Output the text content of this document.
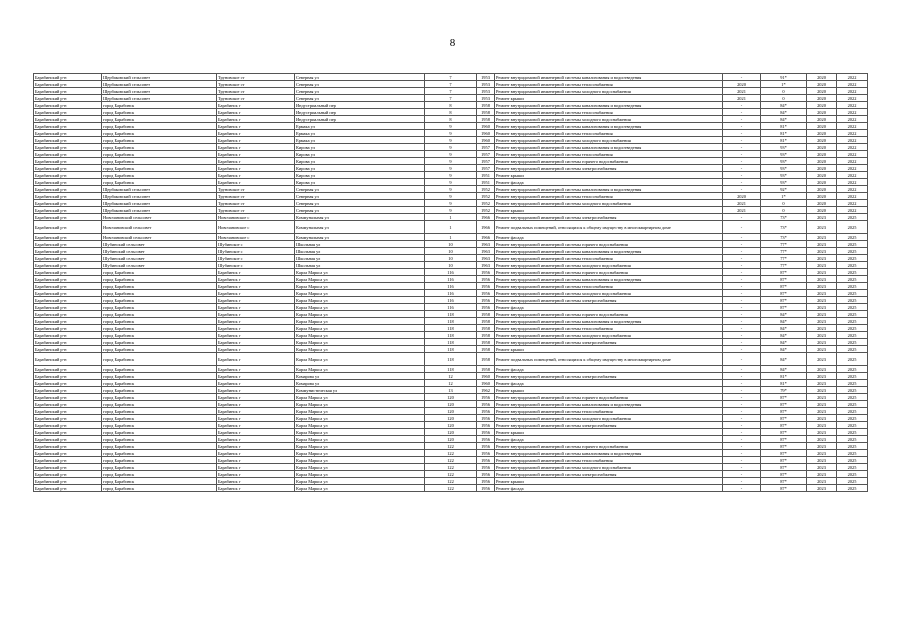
8
Барабинский р-н	Щербаковский сельсовет	Труновское ст	Северная ул	7	1953	Ремонт внутридомовой инженерной системы канализования и водоотведения	-	91*	2020	2022
Барабинский р-н	Щербаковский сельсовет	Труновское ст	Северная ул	7	1953	Ремонт внутридомовой инженерной системы теплоснабжения	2020	1*	2020	2022
Барабинский р-н	Щербаковский сельсовет	Труновское ст	Северная ул	7	1953	Ремонт внутридомовой инженерной системы холодного водоснабжения	2021	0	2020	2022
Барабинский р-н	Щербаковский сельсовет	Труновское ст	Северная ул	7	1953	Ремонт крыши	2021	0	2020	2022
Барабинский р-н	город Барабинск	Барабинск г	Индустриальный пер	8	1958	Ремонт внутридомовой инженерной системы канализования и водоотведения	-	84*	2020	2022
Барабинский р-н	город Барабинск	Барабинск г	Индустриальный пер	8	1958	Ремонт внутридомовой инженерной системы теплоснабжения	-	84*	2020	2022
Барабинский р-н	город Барабинск	Барабинск г	Индустриальный пер	8	1958	Ремонт внутридомовой инженерной системы холодного водоснабжения	-	84*	2020	2022
Барабинский р-н	город Барабинск	Барабинск г	Ермака ул	9	1960	Ремонт внутридомовой инженерной системы канализования и водоотведения	-	81*	2020	2022
Барабинский р-н	город Барабинск	Барабинск г	Ермака ул	9	1960	Ремонт внутридомовой инженерной системы теплоснабжения	-	81*	2020	2022
Барабинский р-н	город Барабинск	Барабинск г	Ермака ул	9	1960	Ремонт внутридомовой инженерной системы холодного водоснабжения	-	81*	2020	2022
Барабинский р-н	город Барабинск	Барабинск г	Кирова ул	9	1957	Ремонт внутридомовой инженерной системы канализования и водоотведения	-	93*	2020	2022
Барабинский р-н	город Барабинск	Барабинск г	Кирова ул	9	1957	Ремонт внутридомовой инженерной системы теплоснабжения	-	93*	2020	2022
Барабинский р-н	город Барабинск	Барабинск г	Кирова ул	9	1957	Ремонт внутридомовой инженерной системы горячего водоснабжения	-	93*	2020	2022
Барабинский р-н	город Барабинск	Барабинск г	Кирова ул	9	1957	Ремонт внутридомовой инженерной системы электроснабжения	-	93*	2020	2022
Барабинский р-н	город Барабинск	Барабинск г	Кирова ул	9	1951	Ремонт крыши	-	93*	2020	2022
Барабинский р-н	город Барабинск	Барабинск г	Кирова ул	9	1951	Ремонт фасада	-	93*	2020	2022
Барабинский р-н	Щербаковский сельсовет	Труновское ст	Северная ул	9	1952	Ремонт внутридомовой инженерной системы канализования и водоотведения	-	92*	2020	2022
Барабинский р-н	Щербаковский сельсовет	Труновское ст	Северная ул	9	1952	Ремонт внутридомовой инженерной системы теплоснабжения	2020	1*	2020	2022
Барабинский р-н	Щербаковский сельсовет	Труновское ст	Северная ул	9	1952	Ремонт внутридомовой инженерной системы холодного водоснабжения	2021	0	2020	2022
Барабинский р-н	Щербаковский сельсовет	Труновское ст	Северная ул	9	1952	Ремонт крыши	2021	0	2020	2022
Барабинский р-н	Новочановский сельсовет	Новочановское с	Коммунальная ул	1	1966	Ремонт внутридомовой инженерной системы электроснабжения	-	73*	2023	2025
Барабинский р-н	Новочановский сельсовет	Новочановское с	Коммунальная ул	1	1966	Ремонт подвальных помещений, относящихся к общему имуществу в многоквартирном доме	-	73*	2023	2025
Барабинский р-н	Новочановский сельсовет	Новочановское с	Коммунальная ул	1	1966	Ремонт фасада	-	73*	2023	2025
Барабинский р-н	Шубинский сельсовет	Шубинское с	Школьная ул	10	1963	Ремонт внутридомовой инженерной системы горячего водоснабжения	-	77*	2023	2025
Барабинский р-н	Шубинский сельсовет	Шубинское с	Школьная ул	10	1963	Ремонт внутридомовой инженерной системы канализования и водоотведения	-	77*	2023	2025
Барабинский р-н	Шубинский сельсовет	Шубинское с	Школьная ул	10	1963	Ремонт внутридомовой инженерной системы теплоснабжения	-	77*	2023	2025
Барабинский р-н	Шубинский сельсовет	Шубинское с	Школьная ул	10	1963	Ремонт внутридомовой инженерной системы холодного водоснабжения	-	77*	2023	2025
Барабинский р-н	город Барабинск	Барабинск г	Карла Маркса ул	116	1956	Ремонт внутридомовой инженерной системы горячего водоснабжения	-	87*	2023	2025
Барабинский р-н	город Барабинск	Барабинск г	Карла Маркса ул	116	1956	Ремонт внутридомовой инженерной системы канализования и водоотведения	-	87*	2023	2025
Барабинский р-н	город Барабинск	Барабинск г	Карла Маркса ул	116	1956	Ремонт внутридомовой инженерной системы теплоснабжения	-	87*	2023	2025
Барабинский р-н	город Барабинск	Барабинск г	Карла Маркса ул	116	1956	Ремонт внутридомовой инженерной системы холодного водоснабжения	-	87*	2023	2025
Барабинский р-н	город Барабинск	Барабинск г	Карла Маркса ул	116	1956	Ремонт внутридомовой инженерной системы электроснабжения	-	87*	2023	2025
Барабинский р-н	город Барабинск	Барабинск г	Карла Маркса ул	116	1956	Ремонт фасада	-	87*	2023	2025
Барабинский р-н	город Барабинск	Барабинск г	Карла Маркса ул	118	1958	Ремонт внутридомовой инженерной системы горячего водоснабжения	-	84*	2023	2025
Барабинский р-н	город Барабинск	Барабинск г	Карла Маркса ул	118	1958	Ремонт внутридомовой инженерной системы канализования и водоотведения	-	84*	2023	2025
Барабинский р-н	город Барабинск	Барабинск г	Карла Маркса ул	118	1958	Ремонт внутридомовой инженерной системы теплоснабжения	-	84*	2023	2025
Барабинский р-н	город Барабинск	Барабинск г	Карла Маркса ул	118	1958	Ремонт внутридомовой инженерной системы холодного водоснабжения	-	84*	2023	2025
Барабинский р-н	город Барабинск	Барабинск г	Карла Маркса ул	118	1958	Ремонт внутридомовой инженерной системы электроснабжения	-	84*	2023	2025
Барабинский р-н	город Барабинск	Барабинск г	Карла Маркса ул	118	1958	Ремонт крыши	-	84*	2023	2025
Барабинский р-н	город Барабинск	Барабинск г	Карла Маркса ул	118	1958	Ремонт подвальных помещений, относящихся к общему имуществу в многоквартирном доме	-	84*	2023	2025
Барабинский р-н	город Барабинск	Барабинск г	Карла Маркса ул	118	1958	Ремонт фасада	-	84*	2023	2025
Барабинский р-н	город Барабинск	Барабинск г	Комарова ул	12	1960	Ремонт внутридомовой инженерной системы электроснабжения	-	81*	2023	2025
Барабинский р-н	город Барабинск	Барабинск г	Комарова ул	12	1960	Ремонт фасада	-	81*	2023	2025
Барабинский р-н	город Барабинск	Барабинск г	Коммунистическая ул	13	1962	Ремонт крыши	-	79*	2023	2025
Барабинский р-н	город Барабинск	Барабинск г	Карла Маркса ул	120	1956	Ремонт внутридомовой инженерной системы горячего водоснабжения	-	87*	2023	2025
Барабинский р-н	город Барабинск	Барабинск г	Карла Маркса ул	120	1956	Ремонт внутридомовой инженерной системы канализования и водоотведения	-	87*	2023	2025
Барабинский р-н	город Барабинск	Барабинск г	Карла Маркса ул	120	1956	Ремонт внутридомовой инженерной системы теплоснабжения	-	87*	2023	2025
Барабинский р-н	город Барабинск	Барабинск г	Карла Маркса ул	120	1956	Ремонт внутридомовой инженерной системы холодного водоснабжения	-	87*	2023	2025
Барабинский р-н	город Барабинск	Барабинск г	Карла Маркса ул	120	1956	Ремонт внутридомовой инженерной системы электроснабжения	-	87*	2023	2025
Барабинский р-н	город Барабинск	Барабинск г	Карла Маркса ул	120	1956	Ремонт крыши	-	87*	2023	2025
Барабинский р-н	город Барабинск	Барабинск г	Карла Маркса ул	120	1956	Ремонт фасада	-	87*	2023	2025
Барабинский р-н	город Барабинск	Барабинск г	Карла Маркса ул	122	1956	Ремонт внутридомовой инженерной системы горячего водоснабжения	-	87*	2023	2025
Барабинский р-н	город Барабинск	Барабинск г	Карла Маркса ул	122	1956	Ремонт внутридомовой инженерной системы канализования и водоотведения	-	87*	2023	2025
Барабинский р-н	город Барабинск	Барабинск г	Карла Маркса ул	122	1956	Ремонт внутридомовой инженерной системы теплоснабжения	-	87*	2023	2025
Барабинский р-н	город Барабинск	Барабинск г	Карла Маркса ул	122	1956	Ремонт внутридомовой инженерной системы холодного водоснабжения	-	87*	2023	2025
Барабинский р-н	город Барабинск	Барабинск г	Карла Маркса ул	122	1956	Ремонт внутридомовой инженерной системы электроснабжения	-	87*	2023	2025
Барабинский р-н	город Барабинск	Барабинск г	Карла Маркса ул	122	1956	Ремонт крыши	-	87*	2023	2025
Барабинский р-н	город Барабинск	Барабинск г	Карла Маркса ул	122	1956	Ремонт фасада	-	87*	2023	2025
